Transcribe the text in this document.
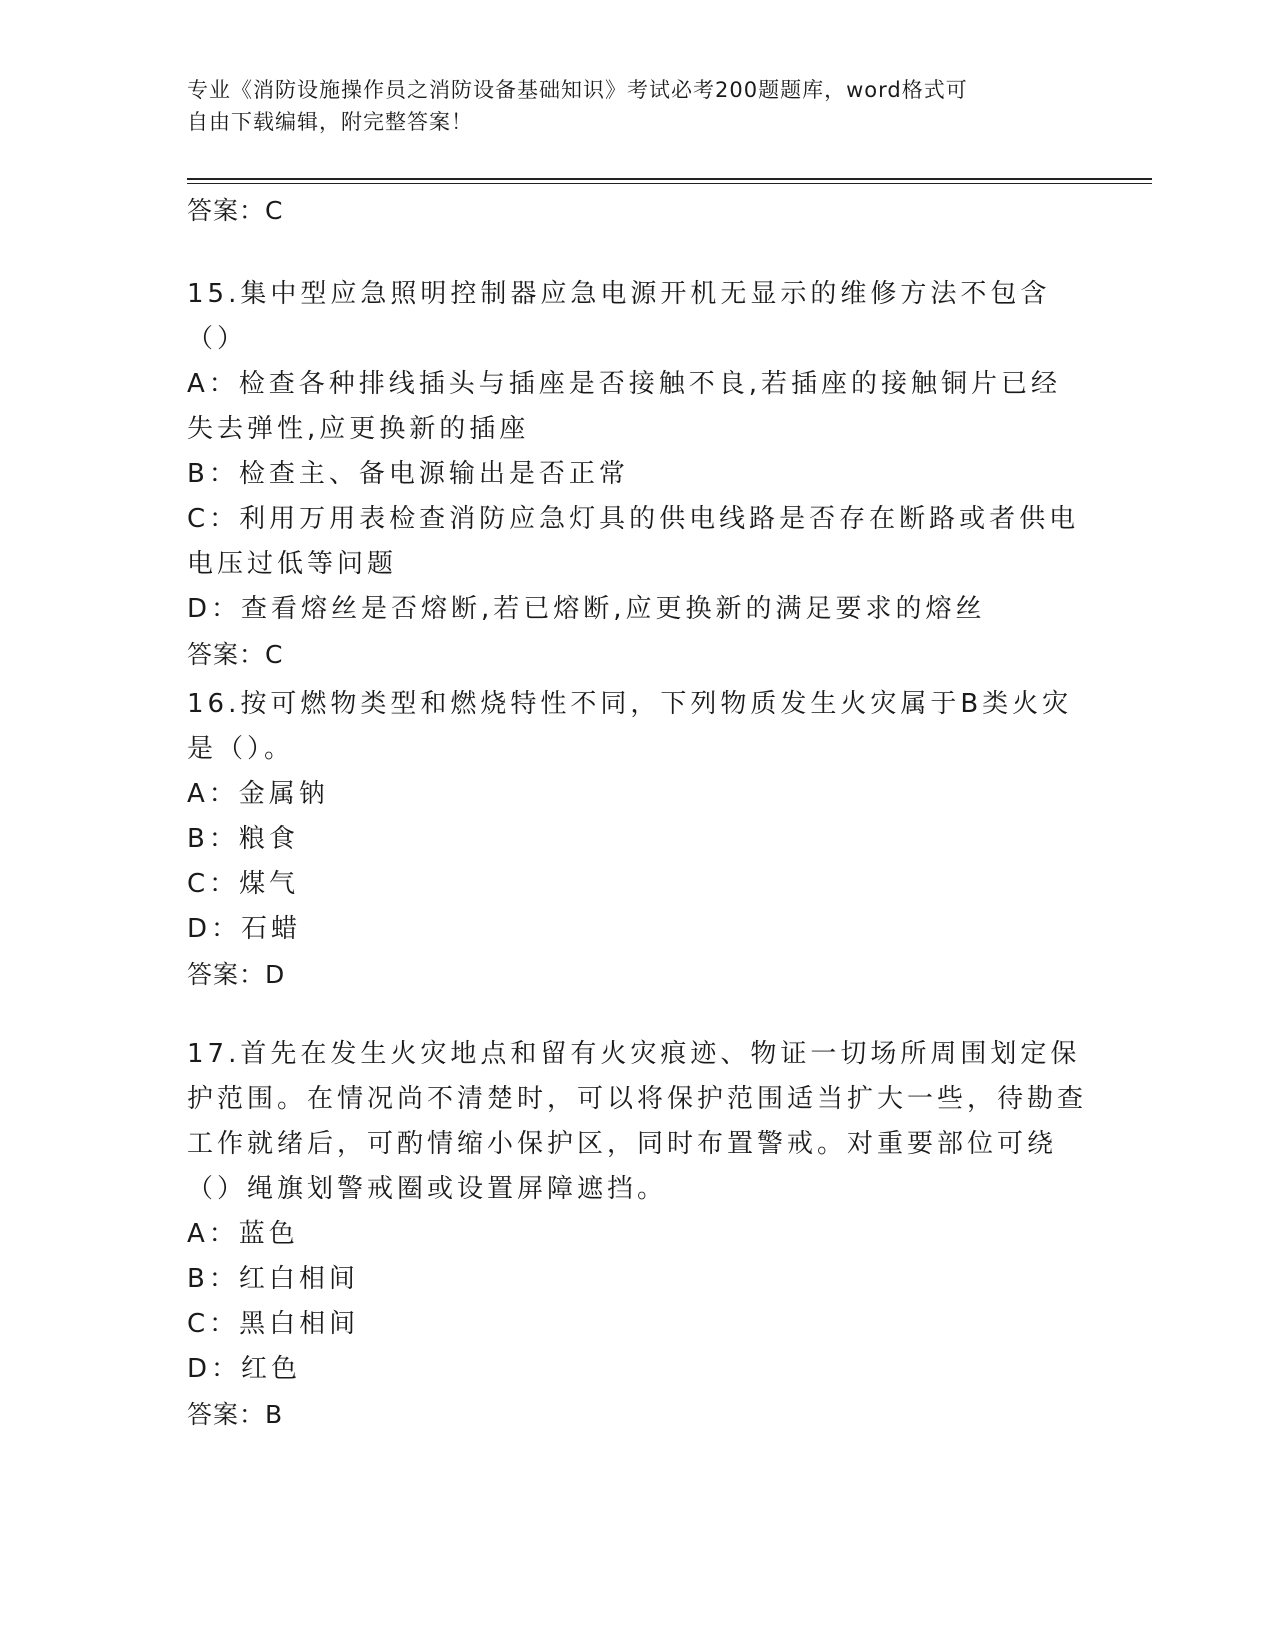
专业《消防设施操作员之消防设备基础知识》考试必考200题题库，word格式可
自由下载编辑，附完整答案！
答案：C
15.集中型应急照明控制器应急电源开机无显示的维修方法不包含（）
A：检查各种排线插头与插座是否接触不良,若插座的接触铜片已经失去弹性,应更换新的插座
B：检查主、备电源输出是否正常
C：利用万用表检查消防应急灯具的供电线路是否存在断路或者供电电压过低等问题
D：查看熔丝是否熔断,若已熔断,应更换新的满足要求的熔丝
答案：C
16.按可燃物类型和燃烧特性不同，下列物质发生火灾属于B类火灾是（）。
A：金属钠
B：粮食
C：煤气
D：石蜡
答案：D
17.首先在发生火灾地点和留有火灾痕迹、物证一切场所周围划定保护范围。在情况尚不清楚时，可以将保护范围适当扩大一些，待勘查工作就绪后，可酌情缩小保护区，同时布置警戒。对重要部位可绕（）绳旗划警戒圈或设置屏障遮挡。
A：蓝色
B：红白相间
C：黑白相间
D：红色
答案：B
